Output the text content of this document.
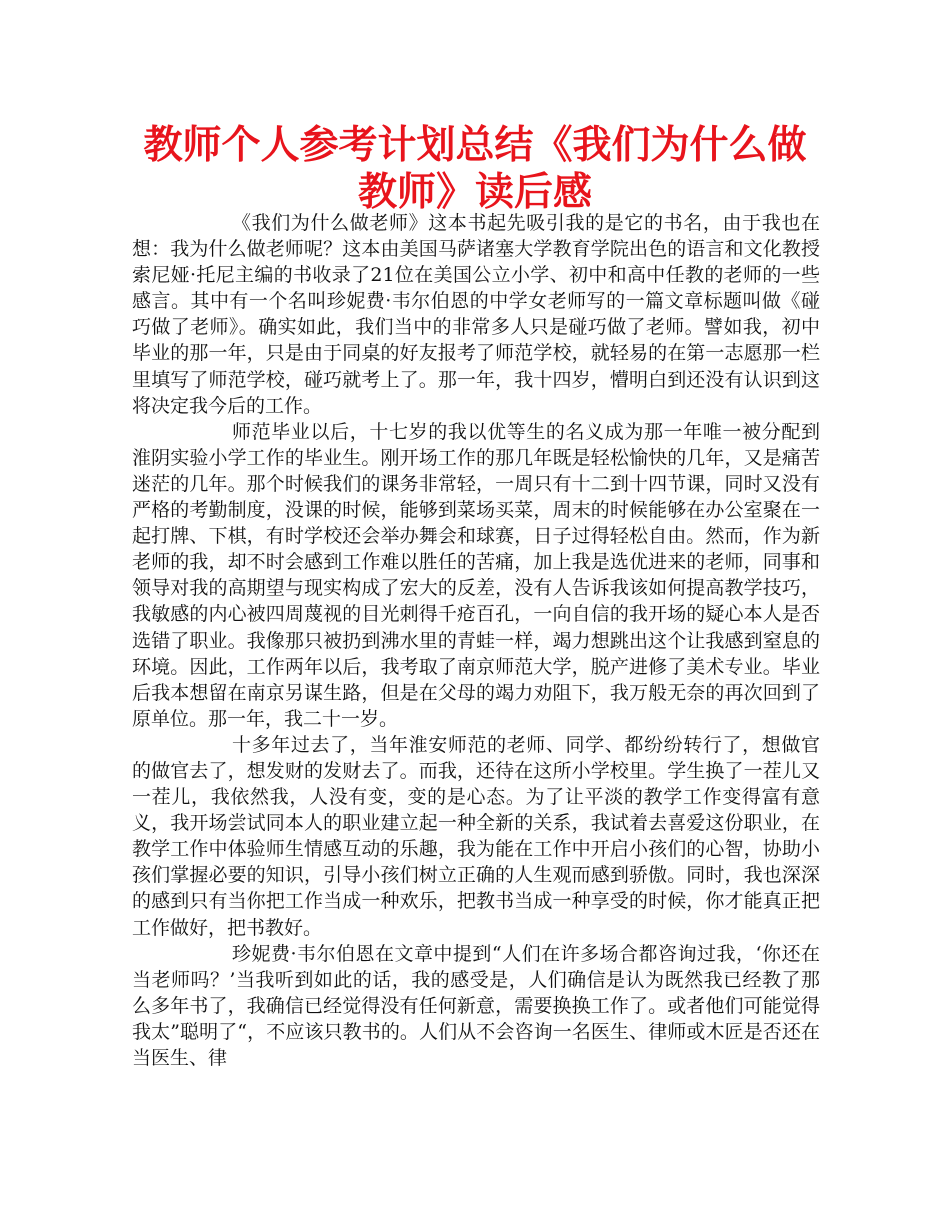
教师个人参考计划总结《我们为什么做教师》读后感

《我们为什么做老师》这本书起先吸引我的是它的书名，由于我也在想：我为什么做老师呢？这本由美国马萨诸塞大学教育学院出色的语言和文化教授索尼娅·托尼主编的书收录了21位在美国公立小学、初中和高中任教的老师的一些感言。其中有一个名叫珍妮费·韦尔伯恩的中学女老师写的一篇文章标题叫做《碰巧做了老师》。确实如此，我们当中的非常多人只是碰巧做了老师。譬如我，初中毕业的那一年，只是由于同桌的好友报考了师范学校，就轻易的在第一志愿那一栏里填写了师范学校，碰巧就考上了。那一年，我十四岁，懵明白到还没有认识到这将决定我今后的工作。

师范毕业以后，十七岁的我以优等生的名义成为那一年唯一被分配到淮阴实验小学工作的毕业生。刚开场工作的那几年既是轻松愉快的几年，又是痛苦迷茫的几年。那个时候我们的课务非常轻，一周只有十二到十四节课，同时又没有严格的考勤制度，没课的时候，能够到菜场买菜，周末的时候能够在办公室聚在一起打牌、下棋，有时学校还会举办舞会和球赛，日子过得轻松自由。然而，作为新老师的我，却不时会感到工作难以胜任的苦痛，加上我是选优进来的老师，同事和领导对我的高期望与现实构成了宏大的反差，没有人告诉我该如何提高教学技巧，我敏感的内心被四周蔑视的目光刺得千疮百孔，一向自信的我开场的疑心本人是否选错了职业。我像那只被扔到沸水里的青蛙一样，竭力想跳出这个让我感到窒息的环境。因此，工作两年以后，我考取了南京师范大学，脱产进修了美术专业。毕业后我本想留在南京另谋生路，但是在父母的竭力劝阻下，我万般无奈的再次回到了原单位。那一年，我二十一岁。

十多年过去了，当年淮安师范的老师、同学、都纷纷转行了，想做官的做官去了，想发财的发财去了。而我，还待在这所小学校里。学生换了一茬儿又一茬儿，我依然我，人没有变，变的是心态。为了让平淡的教学工作变得富有意义，我开场尝试同本人的职业建立起一种全新的关系，我试着去喜爱这份职业，在教学工作中体验师生情感互动的乐趣，我为能在工作中开启小孩们的心智，协助小孩们掌握必要的知识，引导小孩们树立正确的人生观而感到骄傲。同时，我也深深的感到只有当你把工作当成一种欢乐，把教书当成一种享受的时候，你才能真正把工作做好，把书教好。

珍妮费·韦尔伯恩在文章中提到“人们在许多场合都咨询过我，‘你还在当老师吗？’当我听到如此的话，我的感受是，人们确信是认为既然我已经教了那么多年书了，我确信已经觉得没有任何新意，需要换换工作了。或者他们可能觉得我太”聪明了“，不应该只教书的。人们从不会咨询一名医生、律师或木匠是否还在当医生、律
